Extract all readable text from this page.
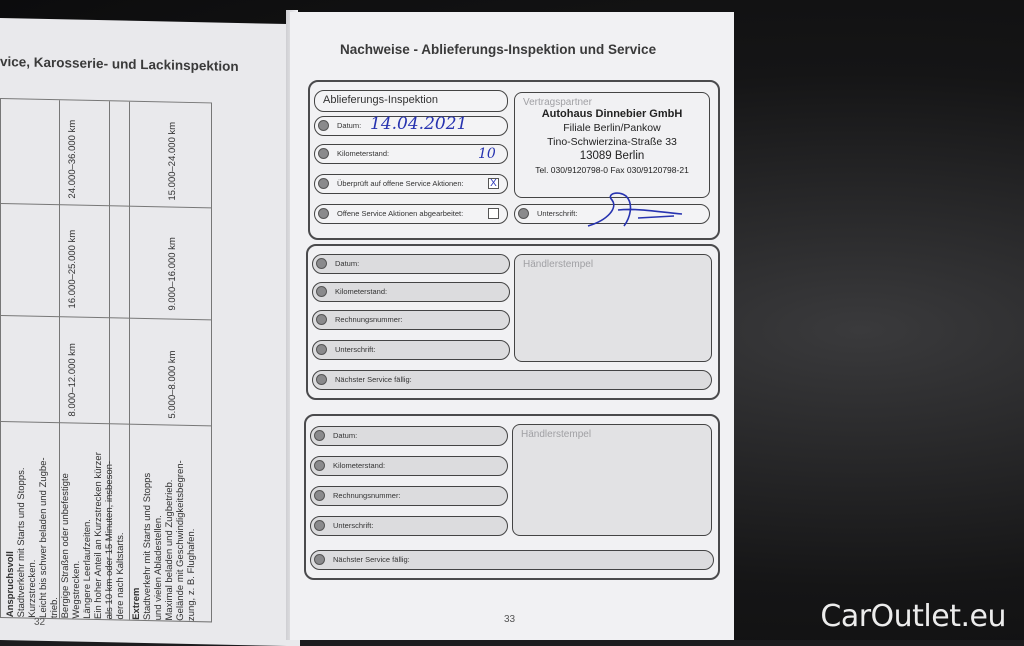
vice, Karosserie- und Lackinspektion
24.000–36.000 km
16.000–25.000 km
8.000–12.000 km
15.000–24.000 km
9.000–16.000 km
5.000–8.000 km
Anspruchsvoll Stadtverkehr mit Starts und Stopps. Kurzstrecken. Leicht bis schwer beladen und Zugbe- trieb. Bergige Straßen oder unbefestigte Wegstrecken. Längere Leerlaufzeiten. Ein hoher Anteil an Kurzstrecken kürzer als 10 km oder 15 Minuten, insbeson- dere nach Kaltstarts. Extrem Stadtverkehr mit Starts und Stopps und vielen Abladestellen. Maximal beladen und Zugbetrieb. Gelände mit Geschwindigkeitsbegren- zung, z. B. Flughafen.
32
Nachweise - Ablieferungs-Inspektion und Service
Ablieferungs-Inspektion
Datum:
Kilometerstand:
Überprüft auf offene Service Aktionen:	X
Offene Service Aktionen abgearbeitet:
Vertragspartner
Autohaus Dinnebier GmbH
Filiale Berlin/Pankow
Tino-Schwierzina-Straße 33
13089 Berlin
Tel. 030/9120798-0 Fax 030/9120798-21
Unterschrift:
14.04.2021
10
Datum:
Kilometerstand:
Rechnungsnummer:
Unterschrift:
Händlerstempel
Nächster Service fällig:
Datum:
Kilometerstand:
Rechnungsnummer:
Unterschrift:
Händlerstempel
Nächster Service fällig:
33	CarOutlet.eu
